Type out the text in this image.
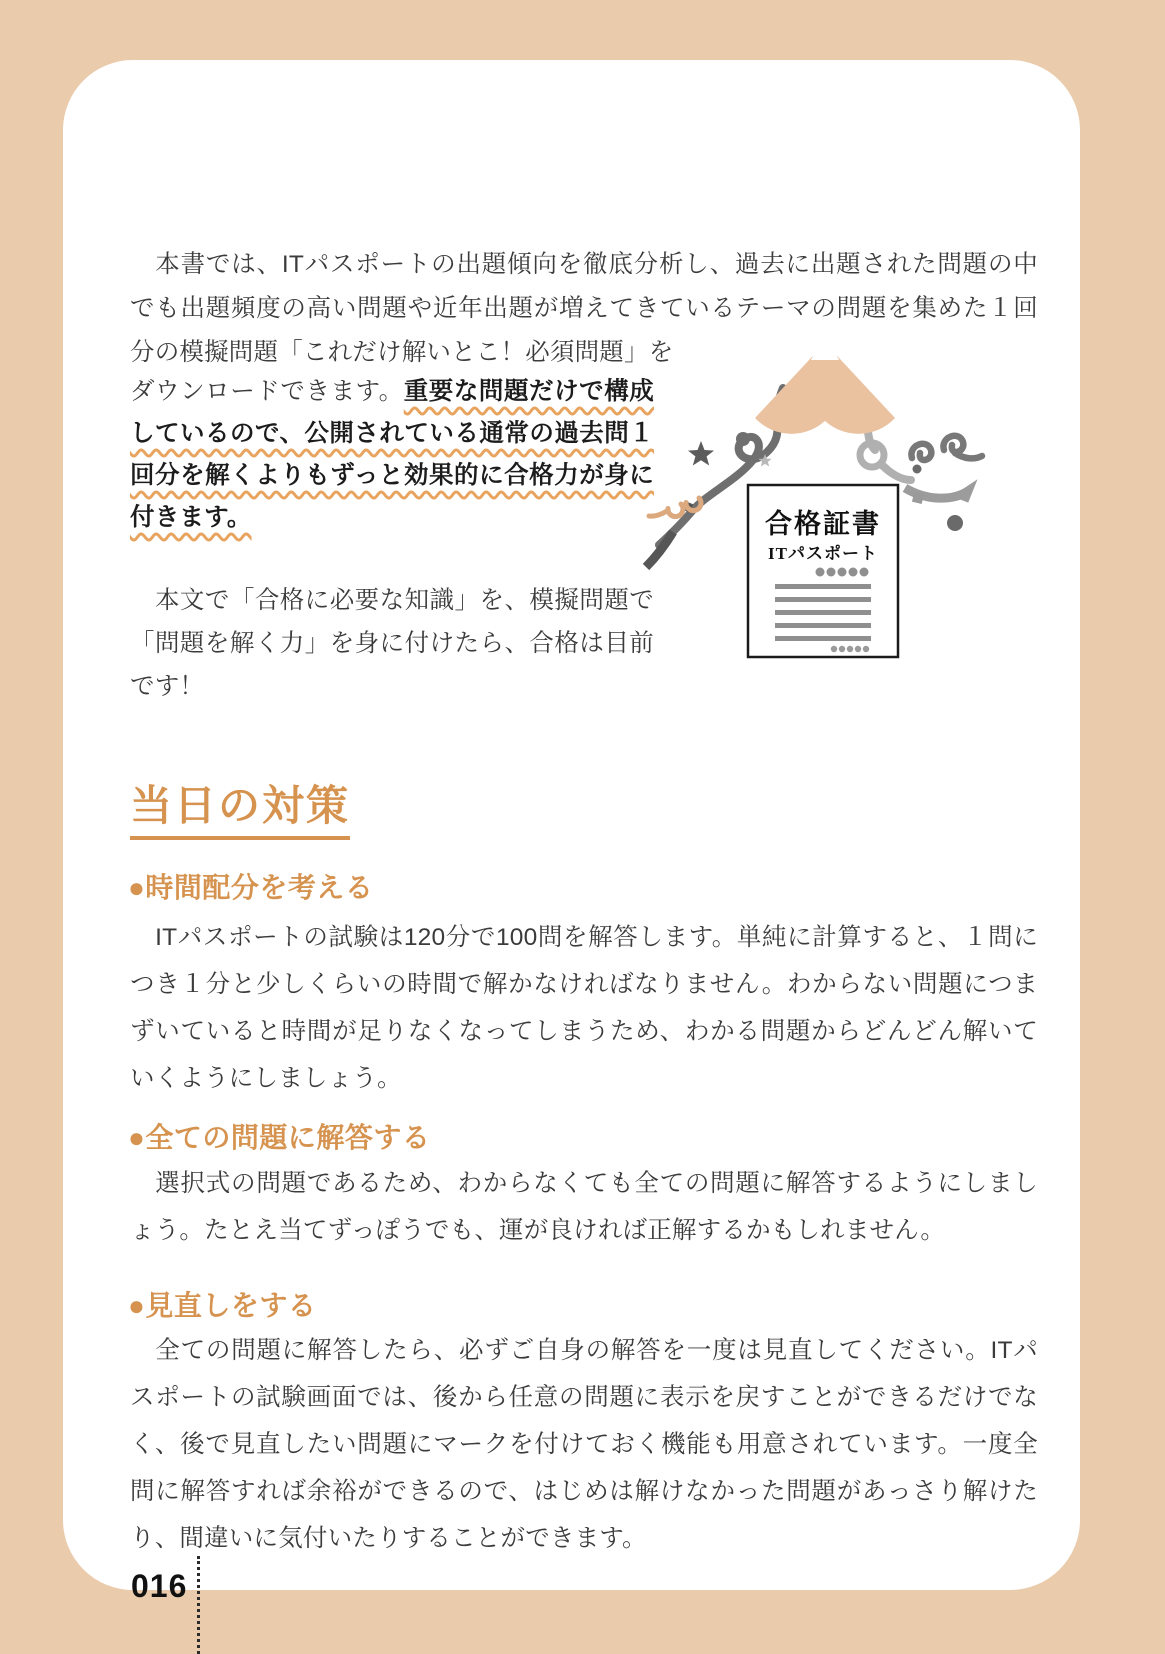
　本書では、ITパスポートの出題傾向を徹底分析し、過去に出題された問題の中でも出題頻度の高い問題や近年出題が増えてきているテーマの問題を集めた１回分の模擬問題「これだけ解いとこ！必須問題」を

合格証書
ITパスポート

ダウンロードできます。重要な問題だけで構成しているので、公開されている通常の過去問１回分を解くよりもずっと効果的に合格力が身に付きます。

　本文で「合格に必要な知識」を、模擬問題で「問題を解く力」を身に付けたら、合格は目前です！

当日の対策
●時間配分を考える

　ITパスポートの試験は120分で100問を解答します。単純に計算すると、１問につき１分と少しくらいの時間で解かなければなりません。わからない問題につまずいていると時間が足りなくなってしまうため、わかる問題からどんどん解いていくようにしましょう。

●全ての問題に解答する

　選択式の問題であるため、わからなくても全ての問題に解答するようにしましょう。たとえ当てずっぽうでも、運が良ければ正解するかもしれません。

●見直しをする

　全ての問題に解答したら、必ずご自身の解答を一度は見直してください。ITパスポートの試験画面では、後から任意の問題に表示を戻すことができるだけでなく、後で見直したい問題にマークを付けておく機能も用意されています。一度全問に解答すれば余裕ができるので、はじめは解けなかった問題があっさり解けたり、間違いに気付いたりすることができます。

016
